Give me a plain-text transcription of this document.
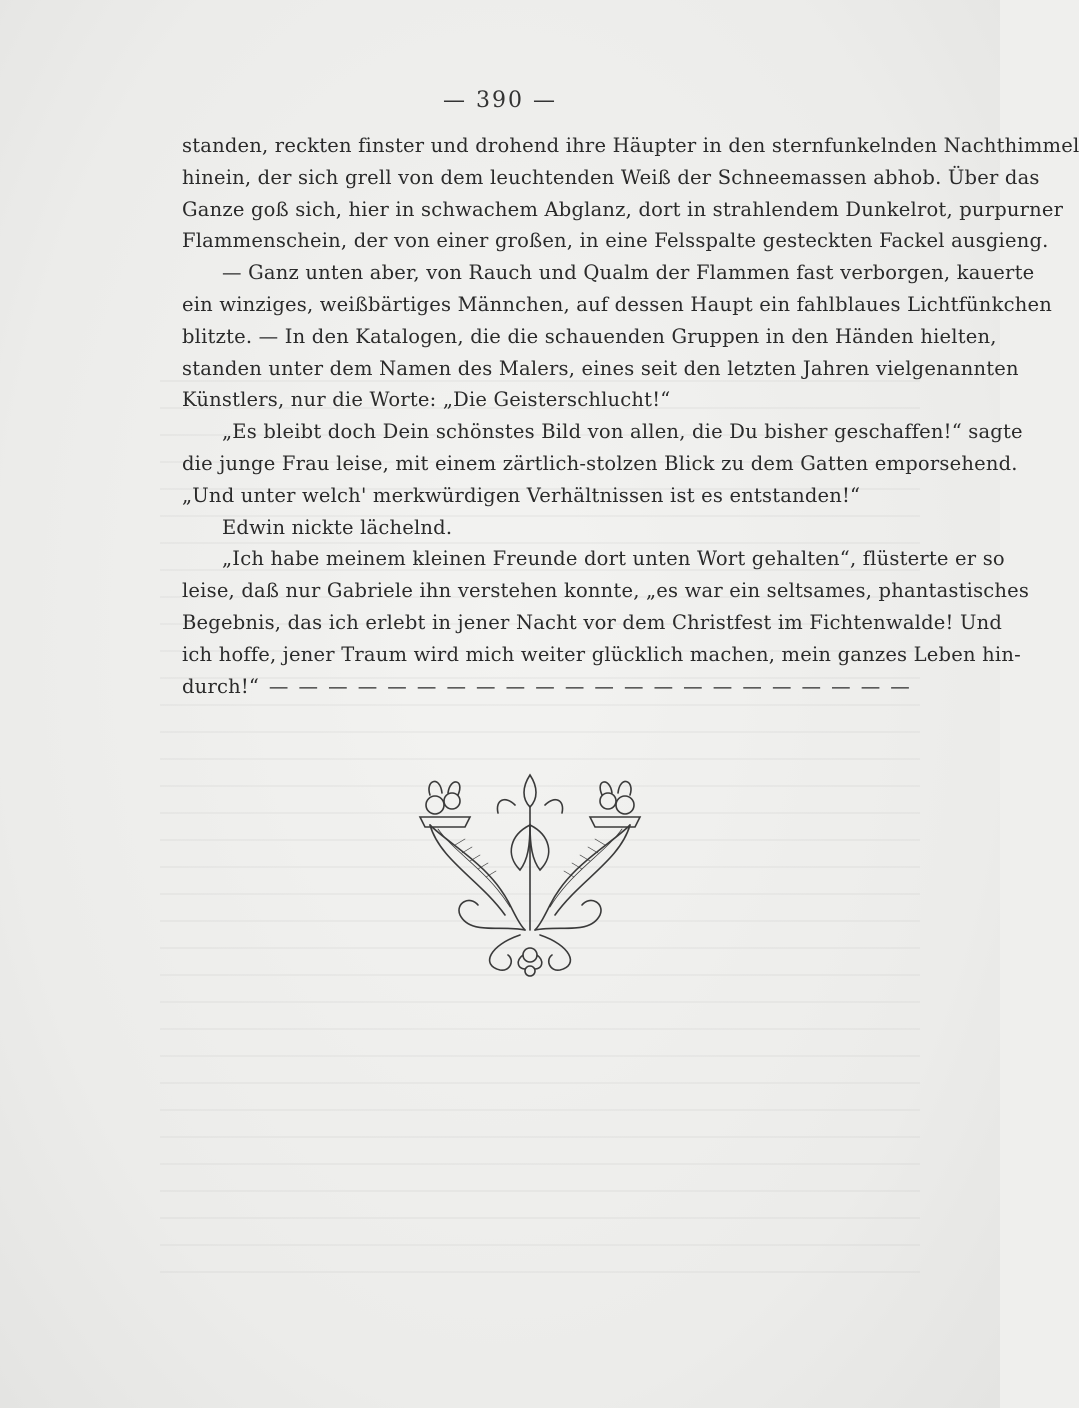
— 390 —
standen, reckten finster und drohend ihre Häupter in den sternfunkelnden Nachthimmel
hinein, der sich grell von dem leuchtenden Weiß der Schneemassen abhob. Über das
Ganze goß sich, hier in schwachem Abglanz, dort in strahlendem Dunkelrot, purpurner
Flammenschein, der von einer großen, in eine Felsspalte gesteckten Fackel ausgieng.
— Ganz unten aber, von Rauch und Qualm der Flammen fast verborgen, kauerte
ein winziges, weißbärtiges Männchen, auf dessen Haupt ein fahlblaues Lichtfünkchen
blitzte. — In den Katalogen, die die schauenden Gruppen in den Händen hielten,
standen unter dem Namen des Malers, eines seit den letzten Jahren vielgenannten
Künstlers, nur die Worte: „Die Geisterschlucht!“
„Es bleibt doch Dein schönstes Bild von allen, die Du bisher geschaffen!“ sagte
die junge Frau leise, mit einem zärtlich-stolzen Blick zu dem Gatten emporsehend.
„Und unter welch' merkwürdigen Verhältnissen ist es entstanden!“
Edwin nickte lächelnd.
„Ich habe meinem kleinen Freunde dort unten Wort gehalten“, flüsterte er so
leise, daß nur Gabriele ihn verstehen konnte, „es war ein seltsames, phantastisches
Begebnis, das ich erlebt in jener Nacht vor dem Christfest im Fichtenwalde! Und
ich hoffe, jener Traum wird mich weiter glücklich machen, mein ganzes Leben hin-
durch!“ — — — — — — — — — — — — — — — — — — — — — —
